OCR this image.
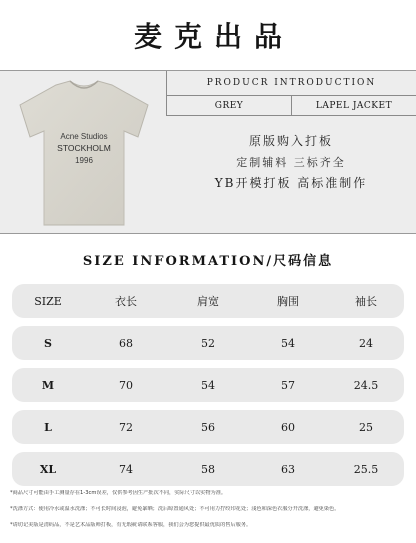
麦克出品
Acne Studios
STOCKHOLM
1996
PRODUCR INTRODUCTION
GREY	LAPEL JACKET
原版购入打板
定制辅料 三标齐全
YB开模打板 高标准制作
SIZE INFORMATION/尺码信息
SIZE	衣长	肩宽	胸围	袖长
S	68	52	54	24
M	70	54	57	24.5
L	72	56	60	25
XL	74	58	63	25.5
*商品尺寸可能由手工测量存在1-3cm误差，仅供参考因生产批次不同，实际尺寸以实物为准。
*洗涤方式：使用冷水或温水洗涤；不可长时间浸泡，避免暴晒；洗后晾置通风处；不可用力拧绞印花处；浅色和深色衣服分开洗涤，避免染色。
*请切记美版是清码品，不是艺术品版师打板，有无瑕疵请联系客服，我们会为您提供最优质的售后服务。
